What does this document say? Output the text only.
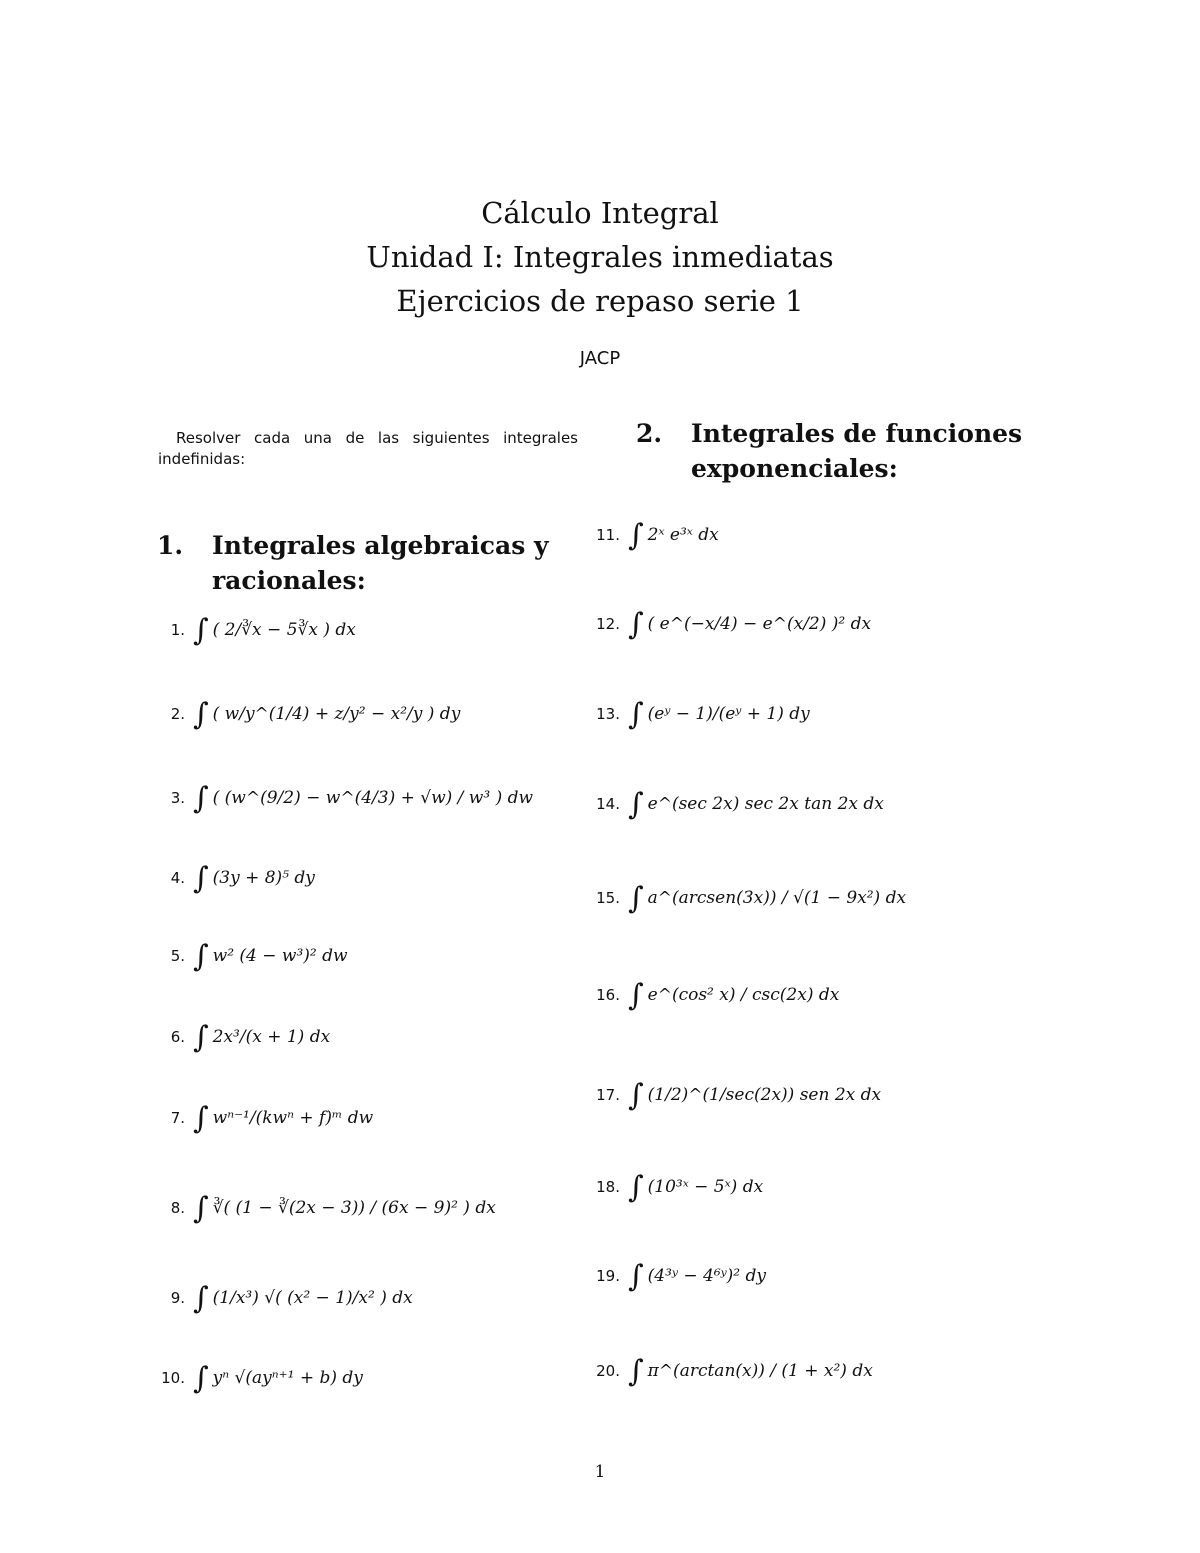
Cálculo Integral
Unidad I: Integrales inmediatas
Ejercicios de repaso serie 1
JACP
Resolver cada una de las siguientes integrales indefinidas:
1. Integrales algebraicas y racionales:
2. Integrales de funciones exponenciales:
1. ∫ ( 2/∛x − 5∛x ) dx
2. ∫ ( w/y^(1/4) + z/y² − x²/y ) dy
3. ∫ ( (w^(9/2) − w^(4/3) + √w) / w³ ) dw
4. ∫ (3y + 8)⁵ dy
5. ∫ w² (4 − w³)² dw
6. ∫ 2x³/(x + 1) dx
7. ∫ wⁿ⁻¹/(kwⁿ + f)ᵐ dw
8. ∫ ∛( (1 − ∛(2x − 3)) / (6x − 9)² ) dx
9. ∫ (1/x³) √( (x² − 1)/x² ) dx
10. ∫ yⁿ √(ayⁿ⁺¹ + b) dy
11. ∫ 2ˣ e³ˣ dx
12. ∫ ( e^(−x/4) − e^(x/2) )² dx
13. ∫ (eʸ − 1)/(eʸ + 1) dy
14. ∫ e^(sec 2x) sec 2x tan 2x dx
15. ∫ a^(arcsen(3x)) / √(1 − 9x²) dx
16. ∫ e^(cos² x) / csc(2x) dx
17. ∫ (1/2)^(1/sec(2x)) sen 2x dx
18. ∫ (10³ˣ − 5ˣ) dx
19. ∫ (4³ʸ − 4⁶ʸ)² dy
20. ∫ π^(arctan(x)) / (1 + x²) dx
1
